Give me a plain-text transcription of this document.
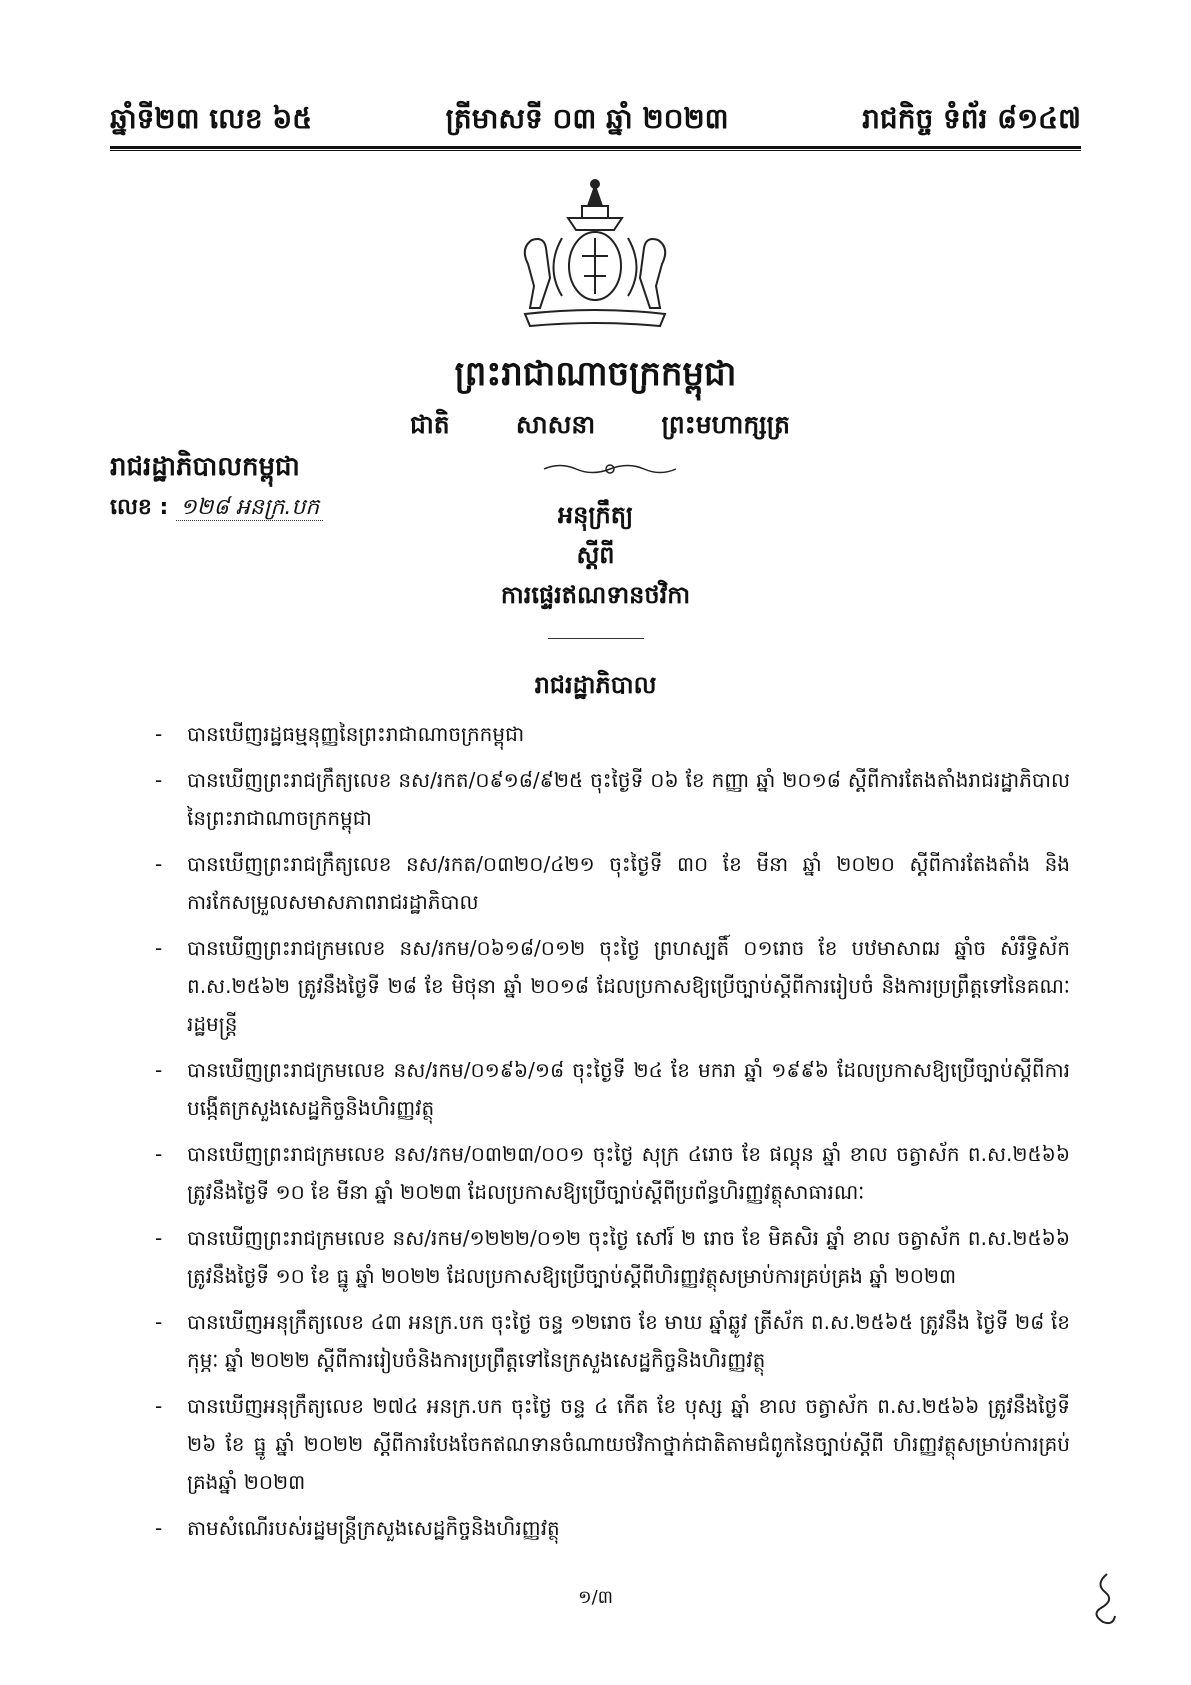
ឆ្នាំទី២៣ លេខ ៦៥	ត្រីមាសទី ០៣ ឆ្នាំ ២០២៣	រាជកិច្ច ទំព័រ ៨១៤៧
ព្រះរាជាណាចក្រកម្ពុជា
ជាតិ	សាសនា	ព្រះមហាក្សត្រ
រាជរដ្ឋាភិបាលកម្ពុជា
លេខ : ១២៨ អនក្រ.បក	អនុក្រឹត្យ
ស្តីពី
ការផ្ទេរឥណទានថវិកា
រាជរដ្ឋាភិបាល
- បានឃើញរដ្ឋធម្មនុញ្ញនៃព្រះរាជាណាចក្រកម្ពុជា
- បានឃើញព្រះរាជក្រឹត្យលេខ នស/រកត/០៩១៨/៩២៥ ចុះថ្ងៃទី ០៦ ខែ កញ្ញា ឆ្នាំ ២០១៨ ស្តីពីការតែងតាំងរាជរដ្ឋាភិបាលនៃព្រះរាជាណាចក្រកម្ពុជា
- បានឃើញព្រះរាជក្រឹត្យលេខ នស/រកត/០៣២០/៤២១ ចុះថ្ងៃទី ៣០ ខែ មីនា ឆ្នាំ ២០២០ ស្តីពីការតែងតាំង និងការកែសម្រួលសមាសភាពរាជរដ្ឋាភិបាល
- បានឃើញព្រះរាជក្រមលេខ នស/រកម/០៦១៨/០១២ ចុះថ្ងៃ ព្រហស្បតិ៍ ០១រោច ខែ បឋមាសាឍ ឆ្នាំច សំរឹទ្ធិស័ក ព.ស.២៥៦២ ត្រូវនឹងថ្ងៃទី ២៨ ខែ មិថុនា ឆ្នាំ ២០១៨ ដែលប្រកាសឱ្យប្រើច្បាប់ស្តីពីការរៀបចំ និងការប្រព្រឹត្តទៅនៃគណៈរដ្ឋមន្ត្រី
- បានឃើញព្រះរាជក្រមលេខ នស/រកម/០១៩៦/១៨ ចុះថ្ងៃទី ២៤ ខែ មករា ឆ្នាំ ១៩៩៦ ដែលប្រកាសឱ្យប្រើច្បាប់ស្តីពីការបង្កើតក្រសួងសេដ្ឋកិច្ចនិងហិរញ្ញវត្ថុ
- បានឃើញព្រះរាជក្រមលេខ នស/រកម/០៣២៣/០០១ ចុះថ្ងៃ សុក្រ ៤រោច ខែ ផល្គុន ឆ្នាំ ខាល ចត្វាស័ក ព.ស.២៥៦៦ ត្រូវនឹងថ្ងៃទី ១០ ខែ មីនា ឆ្នាំ ២០២៣ ដែលប្រកាសឱ្យប្រើច្បាប់ស្តីពីប្រព័ន្ធហិរញ្ញវត្ថុសាធារណៈ
- បានឃើញព្រះរាជក្រមលេខ នស/រកម/១២២២/០១២ ចុះថ្ងៃ សៅរ៍ ២ រោច ខែ មិគសិរ ឆ្នាំ ខាល ចត្វាស័ក ព.ស.២៥៦៦ ត្រូវនឹងថ្ងៃទី ១០ ខែ ធ្នូ ឆ្នាំ ២០២២ ដែលប្រកាសឱ្យប្រើច្បាប់ស្តីពីហិរញ្ញវត្ថុសម្រាប់ការគ្រប់គ្រង ឆ្នាំ ២០២៣
- បានឃើញអនុក្រឹត្យលេខ ៤៣ អនក្រ.បក ចុះថ្ងៃ ចន្ទ ១២រោច ខែ មាឃ ឆ្នាំឆ្លូវ ត្រីស័ក ព.ស.២៥៦៥ ត្រូវនឹង ថ្ងៃទី ២៨ ខែ កុម្ភៈ ឆ្នាំ ២០២២ ស្តីពីការរៀបចំនិងការប្រព្រឹត្តទៅនៃក្រសួងសេដ្ឋកិច្ចនិងហិរញ្ញវត្ថុ
- បានឃើញអនុក្រឹត្យលេខ ២៧៤ អនក្រ.បក ចុះថ្ងៃ ចន្ទ ៤ កើត ខែ បុស្ស ឆ្នាំ ខាល ចត្វាស័ក ព.ស.២៥៦៦ ត្រូវនឹងថ្ងៃទី ២៦ ខែ ធ្នូ ឆ្នាំ ២០២២ ស្តីពីការបែងចែកឥណទានចំណាយថវិកាថ្នាក់ជាតិតាមជំពូកនៃច្បាប់ស្តីពី ហិរញ្ញវត្ថុសម្រាប់ការគ្រប់គ្រងឆ្នាំ ២០២៣
- តាមសំណើរបស់រដ្ឋមន្ត្រីក្រសួងសេដ្ឋកិច្ចនិងហិរញ្ញវត្ថុ
១/៣
